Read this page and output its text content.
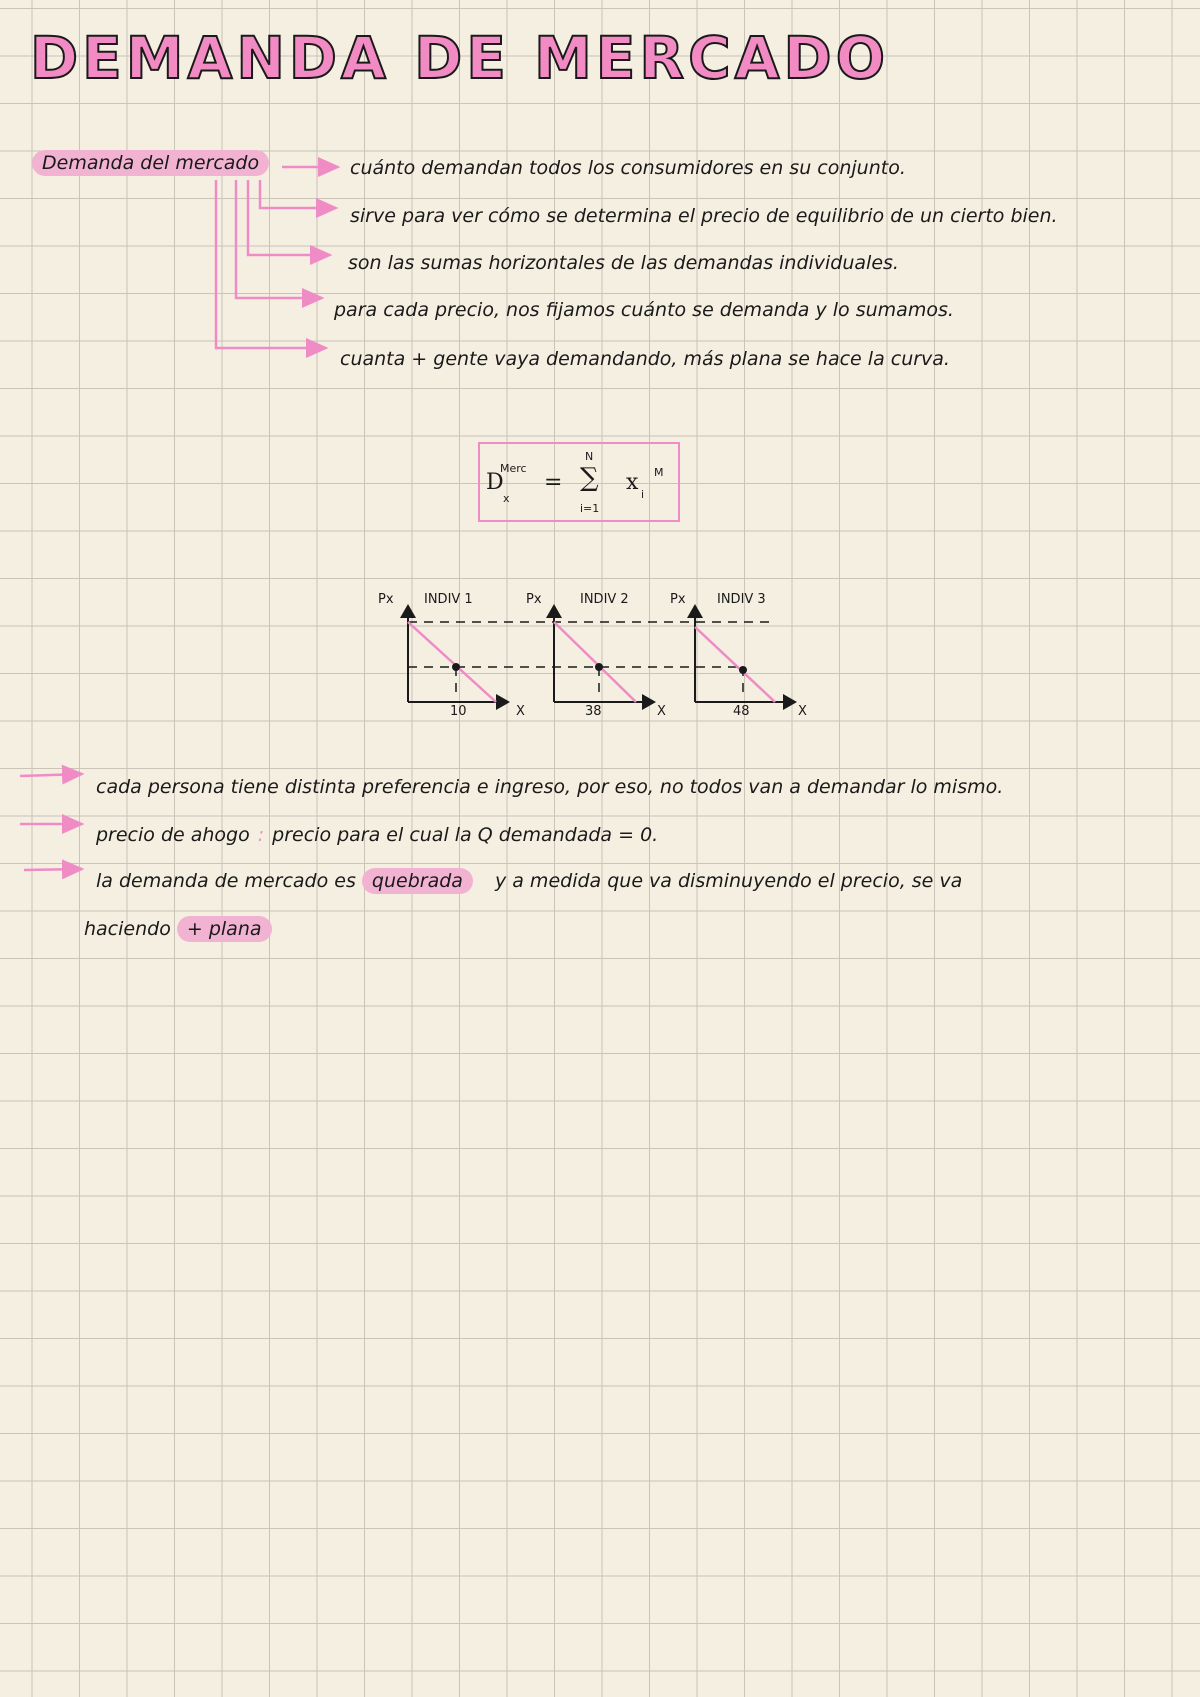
DEMANDA DE MERCADO
Demanda del mercado	cuánto demandan todos los consumidores en su conjunto.
sirve para ver cómo se determina el precio de equilibrio de un cierto bien.
son las sumas horizontales de las demandas individuales.
para cada precio, nos fijamos cuánto se demanda y lo sumamos.
cuanta + gente vaya demandando, más plana se hace la curva.
D
x
Merc
=
N
∑
i=1
x i
M
Px INDIV 1
10	X
Px	INDIV 2
38	X
Px INDIV 3
48	X
cada persona tiene distinta preferencia e ingreso, por eso, no todos van a demandar lo mismo.
precio de ahogo : precio para el cual la Q demandada = 0.
la demanda de mercado es quebrada y a medida que va disminuyendo el precio, se va
haciendo + plana
